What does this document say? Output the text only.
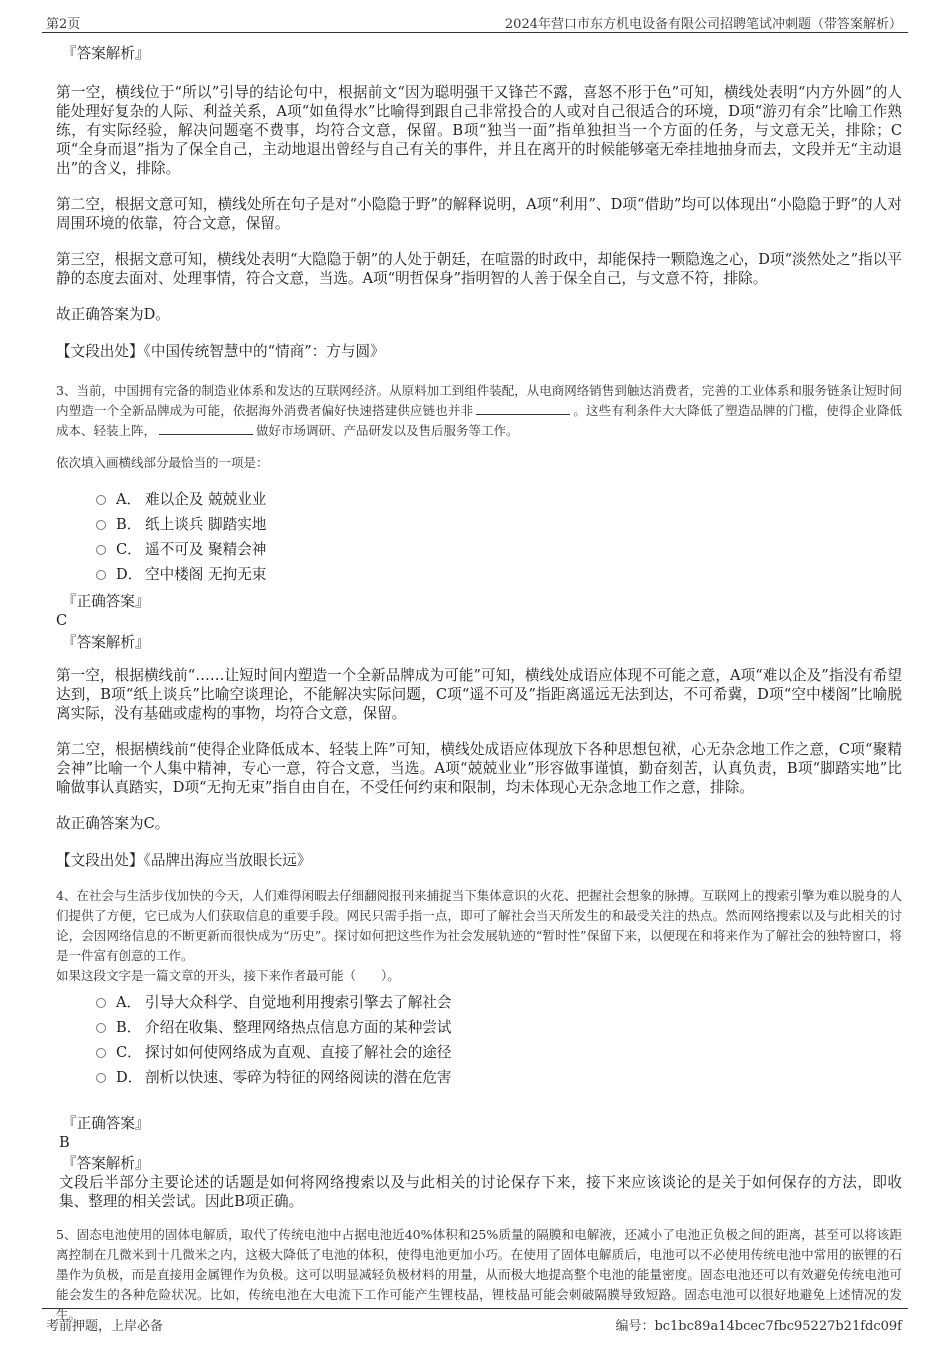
第2页	2024年营口市东方机电设备有限公司招聘笔试冲刺题（带答案解析）

『答案解析』

第一空，横线位于“所以”引导的结论句中，根据前文“因为聪明强干又锋芒不露，喜怒不形于色”可知，横线处表明“内方外圆”的人能处理好复杂的人际、利益关系，A项“如鱼得水”比喻得到跟自己非常投合的人或对自己很适合的环境，D项“游刃有余”比喻工作熟练，有实际经验，解决问题毫不费事，均符合文意，保留。B项“独当一面”指单独担当一个方面的任务，与文意无关，排除；C项“全身而退”指为了保全自己，主动地退出曾经与自己有关的事件，并且在离开的时候能够毫无牵挂地抽身而去，文段并无“主动退出”的含义，排除。

第二空，根据文意可知，横线处所在句子是对“小隐隐于野”的解释说明，A项“利用”、D项“借助”均可以体现出“小隐隐于野”的人对周围环境的依靠，符合文意，保留。

第三空，根据文意可知，横线处表明“大隐隐于朝”的人处于朝廷，在喧嚣的时政中，却能保持一颗隐逸之心，D项“淡然处之”指以平静的态度去面对、处理事情，符合文意，当选。A项“明哲保身”指明智的人善于保全自己，与文意不符，排除。

故正确答案为D。

【文段出处】《中国传统智慧中的“情商”：方与圆》

3、当前，中国拥有完备的制造业体系和发达的互联网经济。从原料加工到组件装配，从电商网络销售到触达消费者，完善的工业体系和服务链条让短时间内塑造一个全新品牌成为可能，依据海外消费者偏好快速搭建供应链也并非	。这些有利条件大大降低了塑造品牌的门槛，使得企业降低成本、轻装上阵，	做好市场调研、产品研发以及售后服务等工作。

依次填入画横线部分最恰当的一项是：

A． 难以企及 兢兢业业
B． 纸上谈兵 脚踏实地
C． 遥不可及 聚精会神
D． 空中楼阁 无拘无束

『正确答案』

C

『答案解析』

第一空，根据横线前“……让短时间内塑造一个全新品牌成为可能”可知，横线处成语应体现不可能之意，A项“难以企及”指没有希望达到，B项“纸上谈兵”比喻空谈理论，不能解决实际问题，C项“遥不可及”指距离遥远无法到达，不可希冀，D项“空中楼阁”比喻脱离实际，没有基础或虚构的事物，均符合文意，保留。

第二空，根据横线前“使得企业降低成本、轻装上阵”可知，横线处成语应体现放下各种思想包袱，心无杂念地工作之意，C项“聚精会神”比喻一个人集中精神，专心一意，符合文意，当选。A项“兢兢业业”形容做事谨慎，勤奋刻苦，认真负责，B项“脚踏实地”比喻做事认真踏实，D项“无拘无束”指自由自在，不受任何约束和限制，均未体现心无杂念地工作之意，排除。

故正确答案为C。

【文段出处】《品牌出海应当放眼长远》

4、在社会与生活步伐加快的今天，人们难得闲暇去仔细翻阅报刊来捕捉当下集体意识的火花、把握社会想象的脉搏。互联网上的搜索引擎为难以脱身的人们提供了方便，它已成为人们获取信息的重要手段。网民只需手指一点，即可了解社会当天所发生的和最受关注的热点。然而网络搜索以及与此相关的讨论，会因网络信息的不断更新而很快成为“历史”。探讨如何把这些作为社会发展轨迹的“暂时性”保留下来，以便现在和将来作为了解社会的独特窗口，将是一件富有创意的工作。

如果这段文字是一篇文章的开头，接下来作者最可能（　　）。

A． 引导大众科学、自觉地利用搜索引擎去了解社会
B． 介绍在收集、整理网络热点信息方面的某种尝试
C． 探讨如何使网络成为直观、直接了解社会的途径
D． 剖析以快速、零碎为特征的网络阅读的潜在危害

『正确答案』

B

『答案解析』

文段后半部分主要论述的话题是如何将网络搜索以及与此相关的讨论保存下来，接下来应该谈论的是关于如何保存的方法，即收集、整理的相关尝试。因此B项正确。

5、固态电池使用的固体电解质，取代了传统电池中占据电池近40%体积和25%质量的隔膜和电解液，还减小了电池正负极之间的距离，甚至可以将该距离控制在几微米到十几微米之内，这极大降低了电池的体积，使得电池更加小巧。在使用了固体电解质后，电池可以不必使用传统电池中常用的嵌锂的石墨作为负极，而是直接用金属锂作为负极。这可以明显减轻负极材料的用量，从而极大地提高整个电池的能量密度。固态电池还可以有效避免传统电池可能会发生的各种危险状况。比如，传统电池在大电流下工作可能产生锂枝晶，锂枝晶可能会刺破隔膜导致短路。固态电池可以很好地避免上述情况的发生。

考前押题，上岸必备	编号：bc1bc89a14bcec7fbc95227b21fdc09f
